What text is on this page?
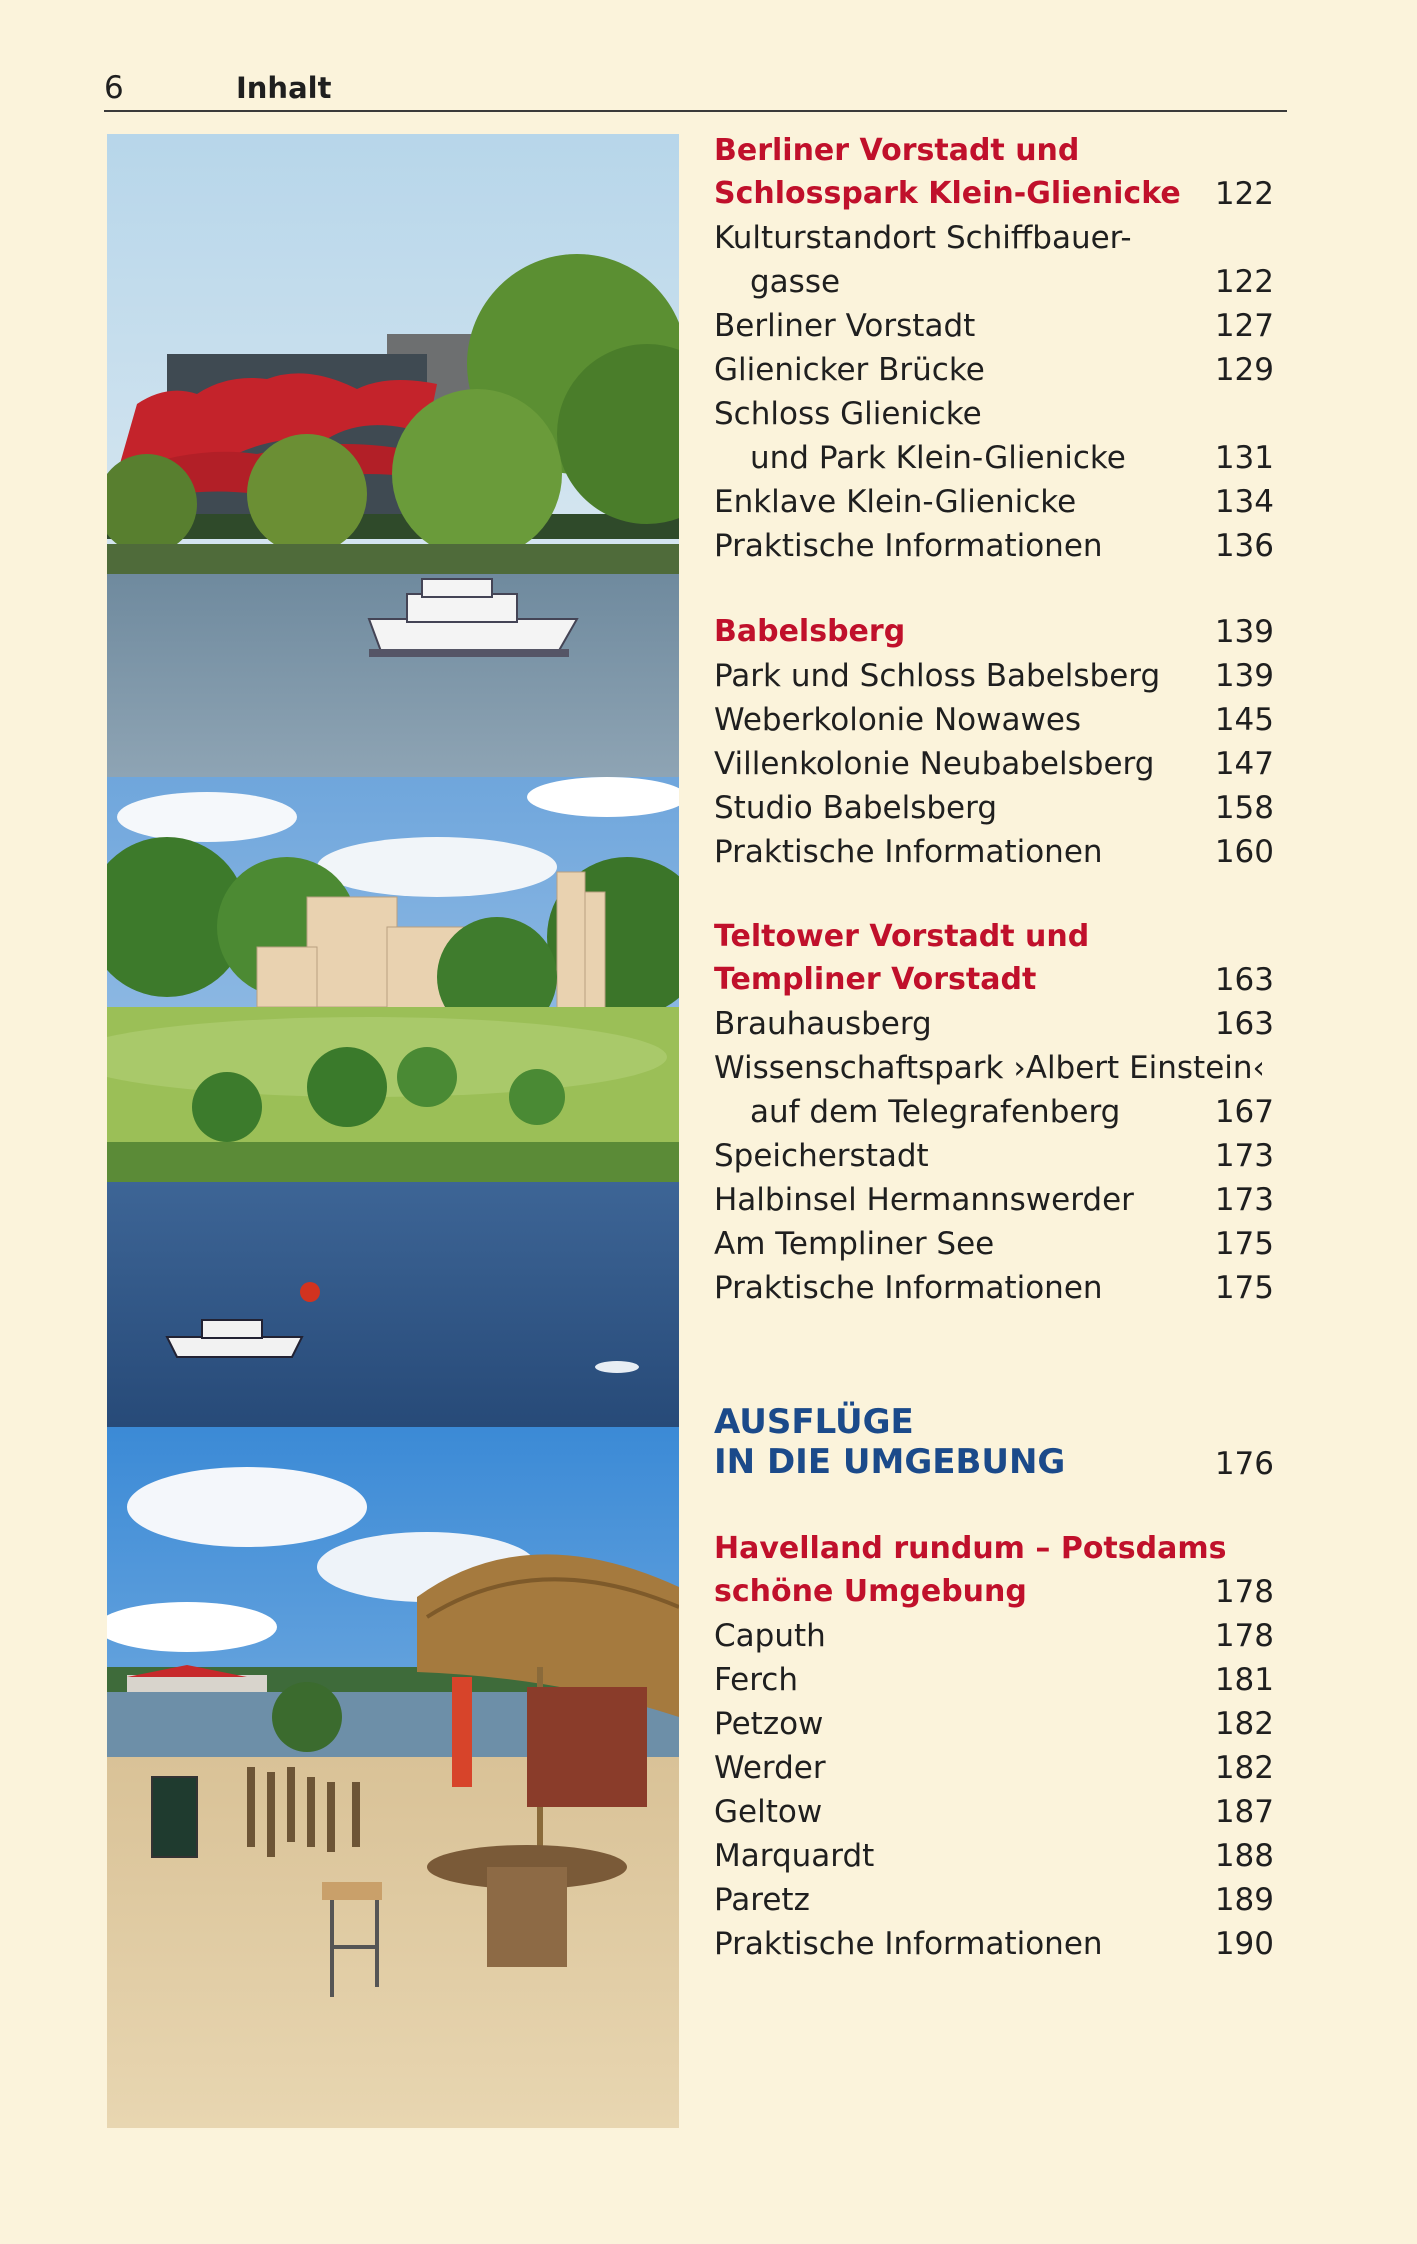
6	Inhalt
Berliner Vorstadt und
Schlosspark Klein-Glienicke 122
Kulturstandort Schiffbauer-
gasse	122
Berliner Vorstadt	127
Glienicker Brücke	129
Schloss Glienicke
und Park Klein-Glienicke	131
Enklave Klein-Glienicke	134
Praktische Informationen	136
Babelsberg	139
Park und Schloss Babelsberg 139
Weberkolonie Nowawes	145
Villenkolonie Neubabelsberg 147
Studio Babelsberg	158
Praktische Informationen	160
Teltower Vorstadt und
Templiner Vorstadt	163
Brauhausberg	163
Wissenschaftspark ›Albert Einstein‹
auf dem Telegrafenberg	167
Speicherstadt	173
Halbinsel Hermannswerder	173
Am Templiner See	175
Praktische Informationen	175
AUSFLÜGE
IN DIE UMGEBUNG	176
Havelland rundum – Potsdams
schöne Umgebung	178
Caputh	178
Ferch	181
Petzow	182
Werder	182
Geltow	187
Marquardt	188
Paretz	189
Praktische Informationen	190
